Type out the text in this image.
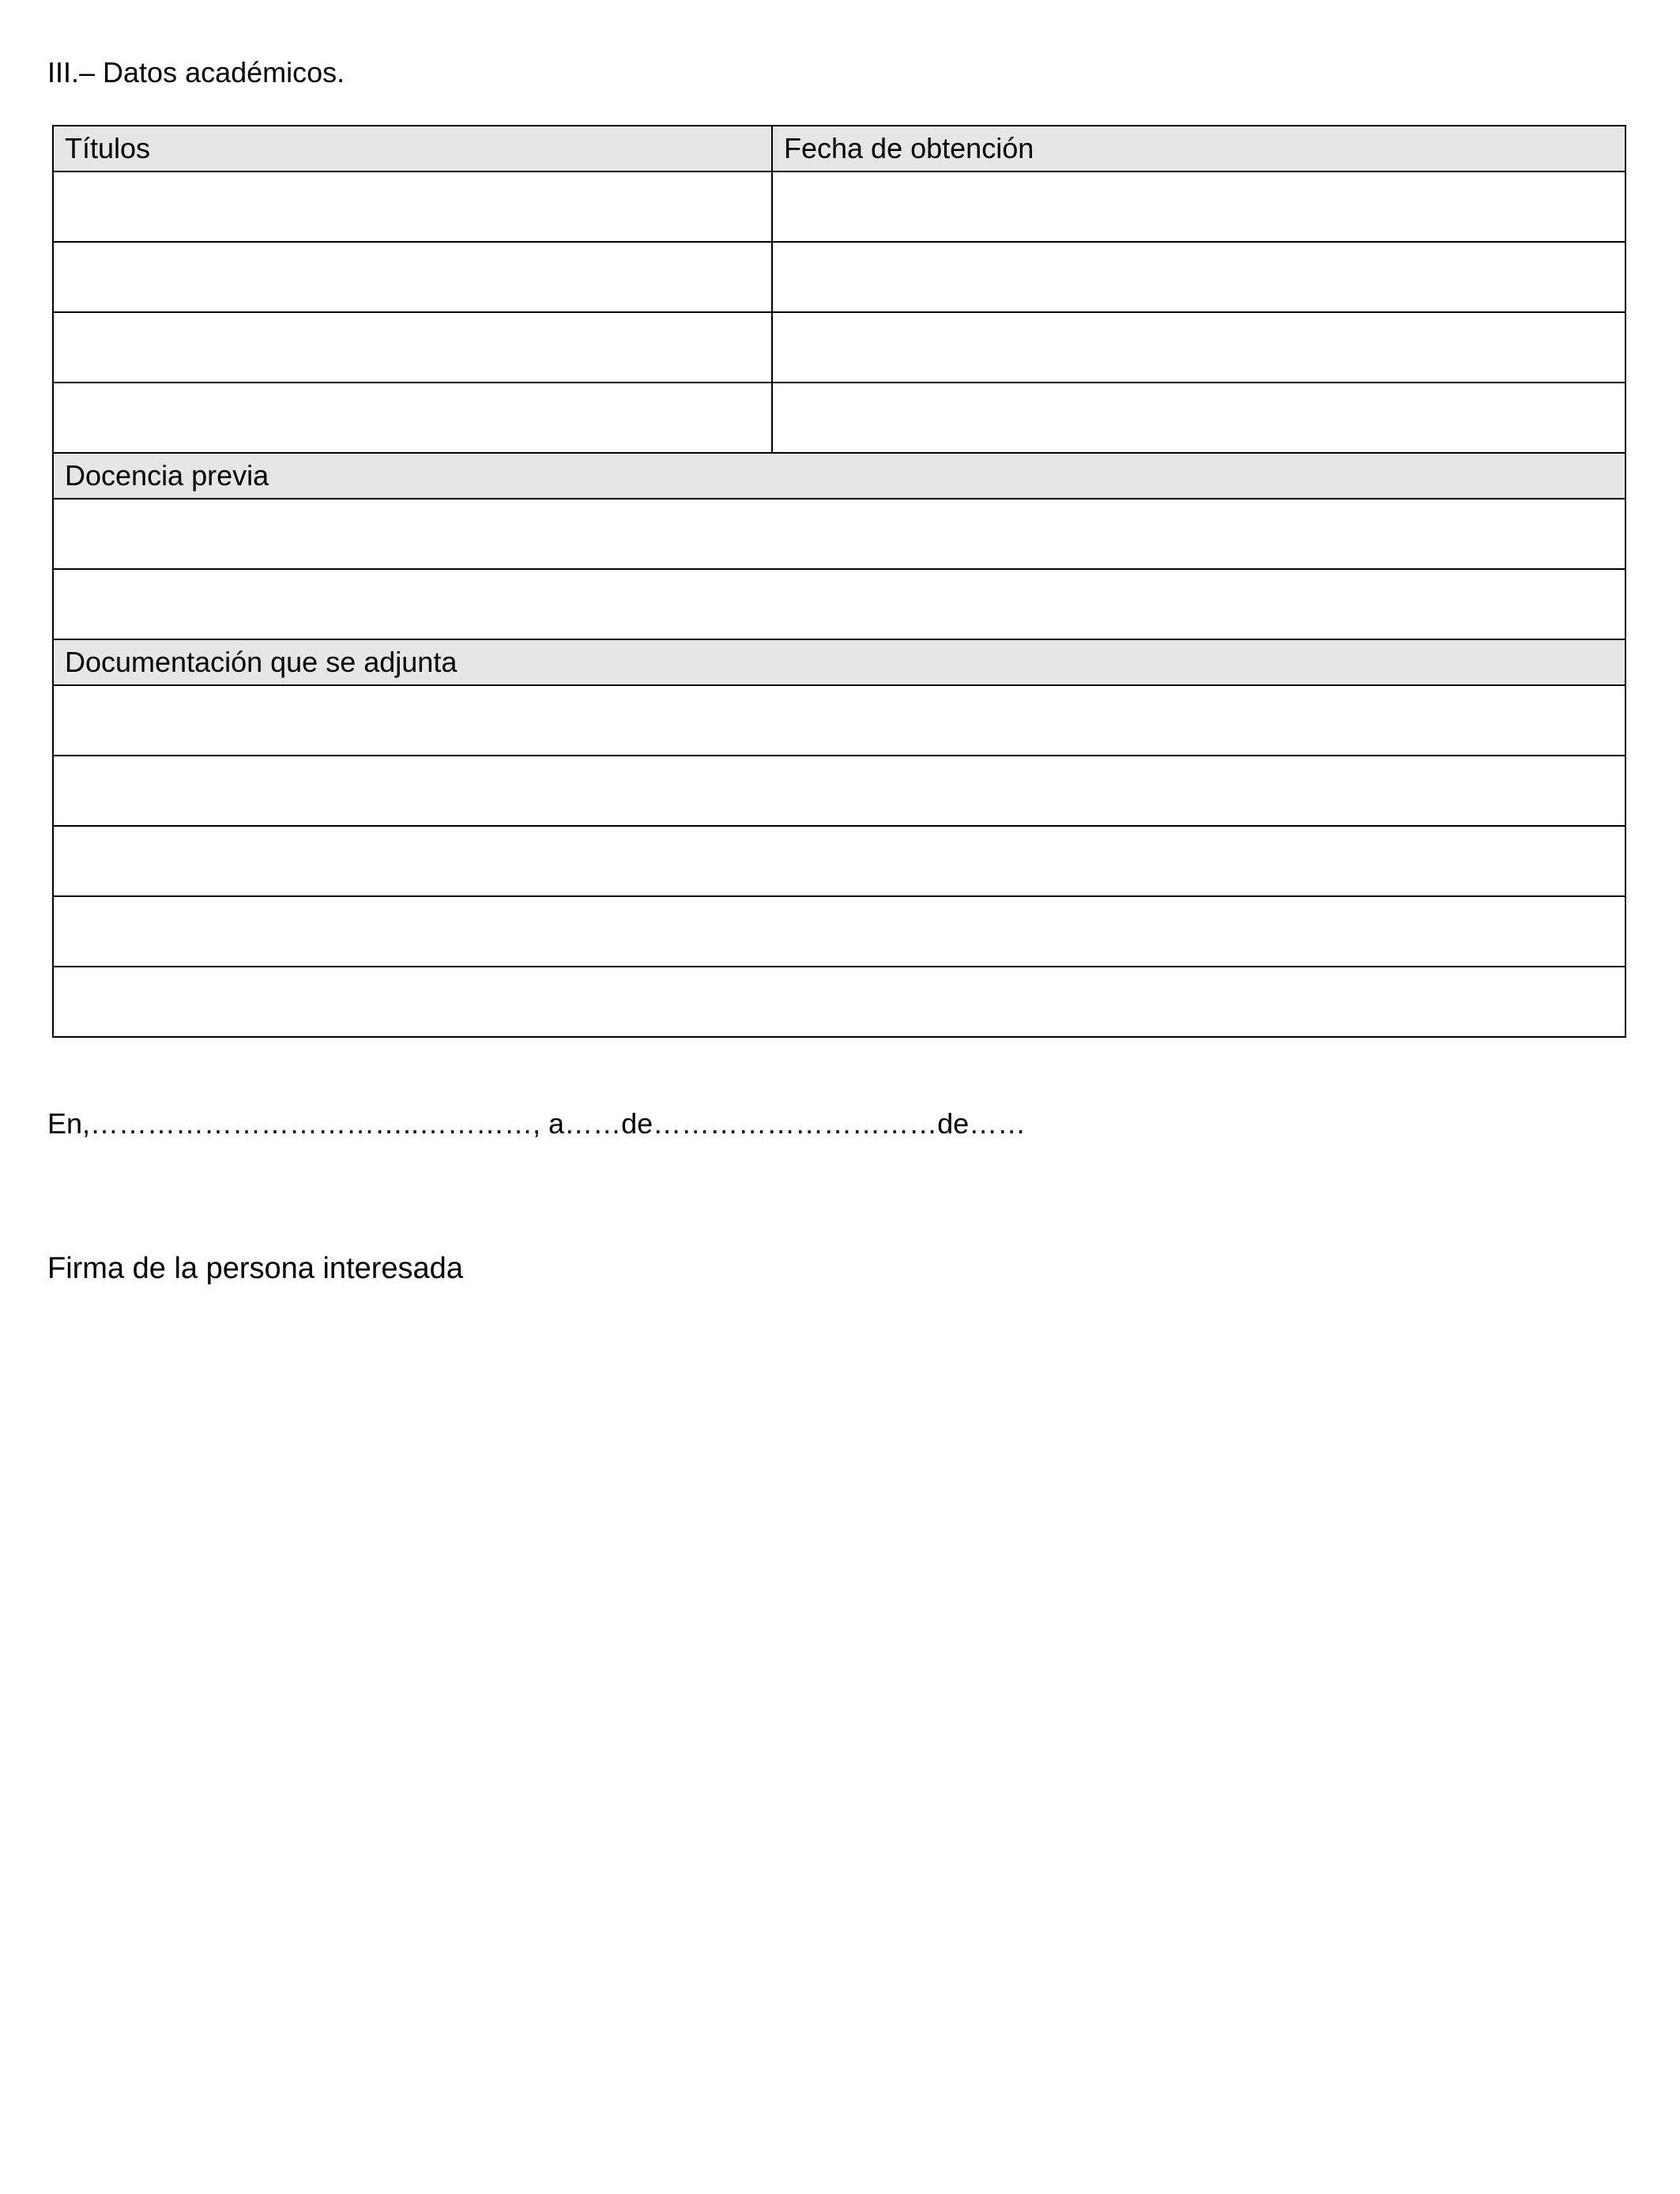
III.– Datos académicos.
Títulos	Fecha de obtención

Docencia previa	

Documentación que se adjunta	

En,……………………………..…………, a……de…………………………de……
Firma de la persona interesada
